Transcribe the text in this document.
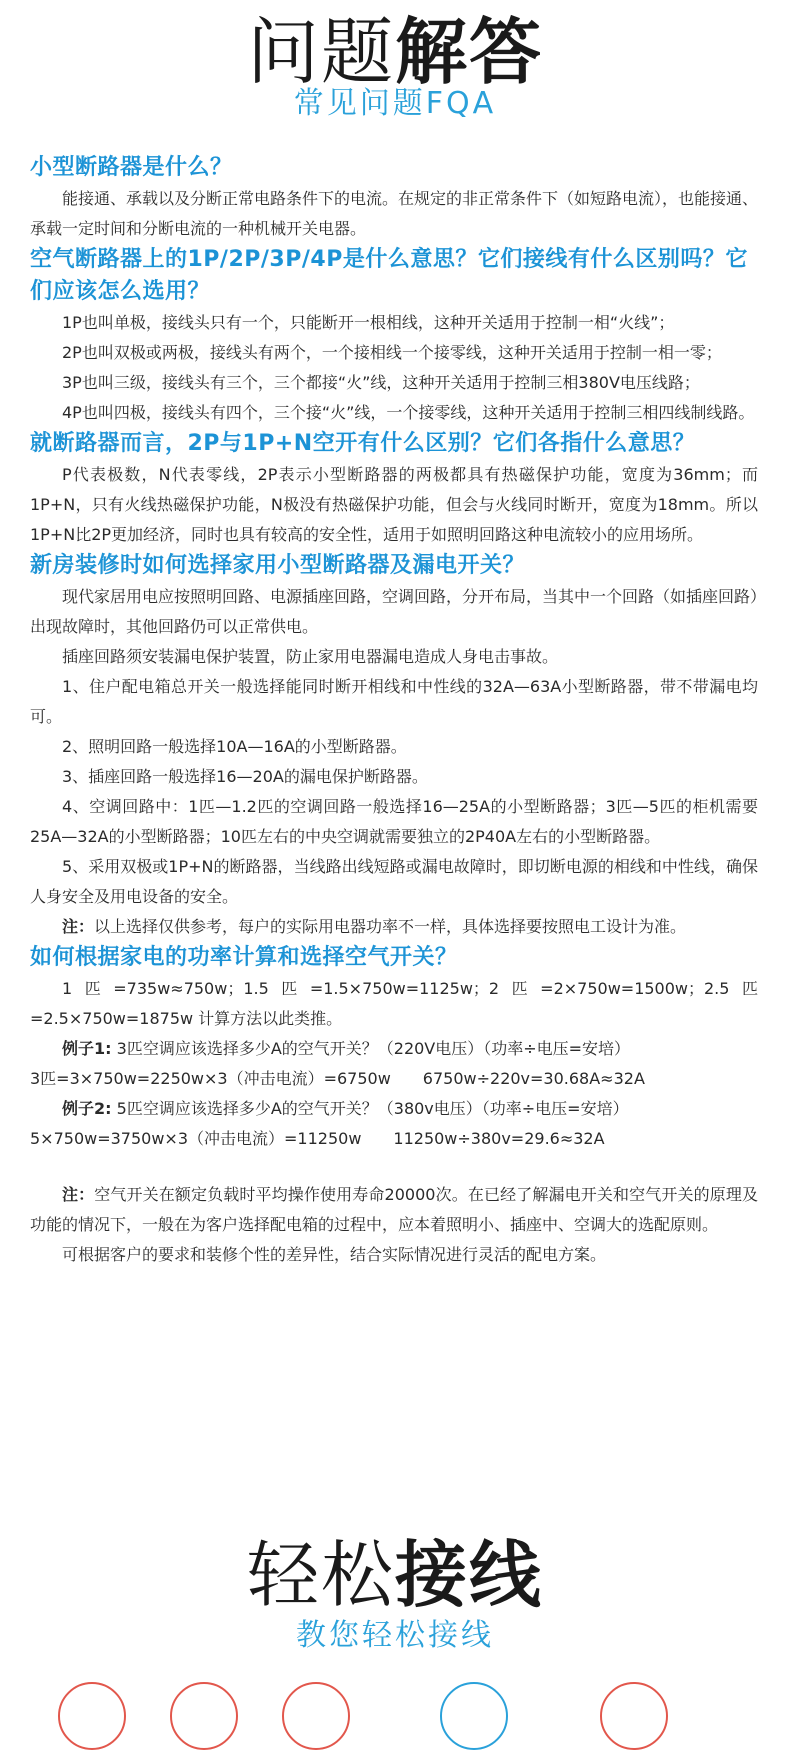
问题解答
常见问题FQA
小型断路器是什么？

能接通、承载以及分断正常电路条件下的电流。在规定的非正常条件下（如短路电流），也能接通、承载一定时间和分断电流的一种机械开关电器。

空气断路器上的1P/2P/3P/4P是什么意思？它们接线有什么区别吗？它们应该怎么选用？

1P也叫单极，接线头只有一个，只能断开一根相线，这种开关适用于控制一相“火线”；

2P也叫双极或两极，接线头有两个，一个接相线一个接零线，这种开关适用于控制一相一零；

3P也叫三级，接线头有三个，三个都接“火”线，这种开关适用于控制三相380V电压线路；

4P也叫四极，接线头有四个，三个接“火”线，一个接零线，这种开关适用于控制三相四线制线路。

就断路器而言，2P与1P+N空开有什么区别？它们各指什么意思？

P代表极数，N代表零线，2P表示小型断路器的两极都具有热磁保护功能，宽度为36mm；而1P+N，只有火线热磁保护功能，N极没有热磁保护功能，但会与火线同时断开，宽度为18mm。所以1P+N比2P更加经济，同时也具有较高的安全性，适用于如照明回路这种电流较小的应用场所。

新房装修时如何选择家用小型断路器及漏电开关？

现代家居用电应按照明回路、电源插座回路，空调回路，分开布局，当其中一个回路（如插座回路）出现故障时，其他回路仍可以正常供电。

插座回路须安装漏电保护装置，防止家用电器漏电造成人身电击事故。

1、住户配电箱总开关一般选择能同时断开相线和中性线的32A—63A小型断路器，带不带漏电均可。

2、照明回路一般选择10A—16A的小型断路器。

3、插座回路一般选择16—20A的漏电保护断路器。

4、空调回路中：1匹—1.2匹的空调回路一般选择16—25A的小型断路器；3匹—5匹的柜机需要25A—32A的小型断路器；10匹左右的中央空调就需要独立的2P40A左右的小型断路器。

5、采用双极或1P+N的断路器，当线路出线短路或漏电故障时，即切断电源的相线和中性线，确保人身安全及用电设备的安全。

注：以上选择仅供参考，每户的实际用电器功率不一样，具体选择要按照电工设计为准。

如何根据家电的功率计算和选择空气开关？

1匹=735w≈750w；1.5匹=1.5×750w=1125w；2匹=2×750w=1500w；2.5匹=2.5×750w=1875w 计算方法以此类推。

例子1: 3匹空调应该选择多少A的空气开关？（220V电压）（功率÷电压=安培）

3匹=3×750w=2250w×3（冲击电流）=6750w　　6750w÷220v=30.68A≈32A

例子2: 5匹空调应该选择多少A的空气开关？（380v电压）（功率÷电压=安培）

5×750w=3750w×3（冲击电流）=11250w　　11250w÷380v=29.6≈32A

注：空气开关在额定负载时平均操作使用寿命20000次。在已经了解漏电开关和空气开关的原理及功能的情况下，一般在为客户选择配电箱的过程中，应本着照明小、插座中、空调大的选配原则。

可根据客户的要求和装修个性的差异性，结合实际情况进行灵活的配电方案。

轻松接线
教您轻松接线
